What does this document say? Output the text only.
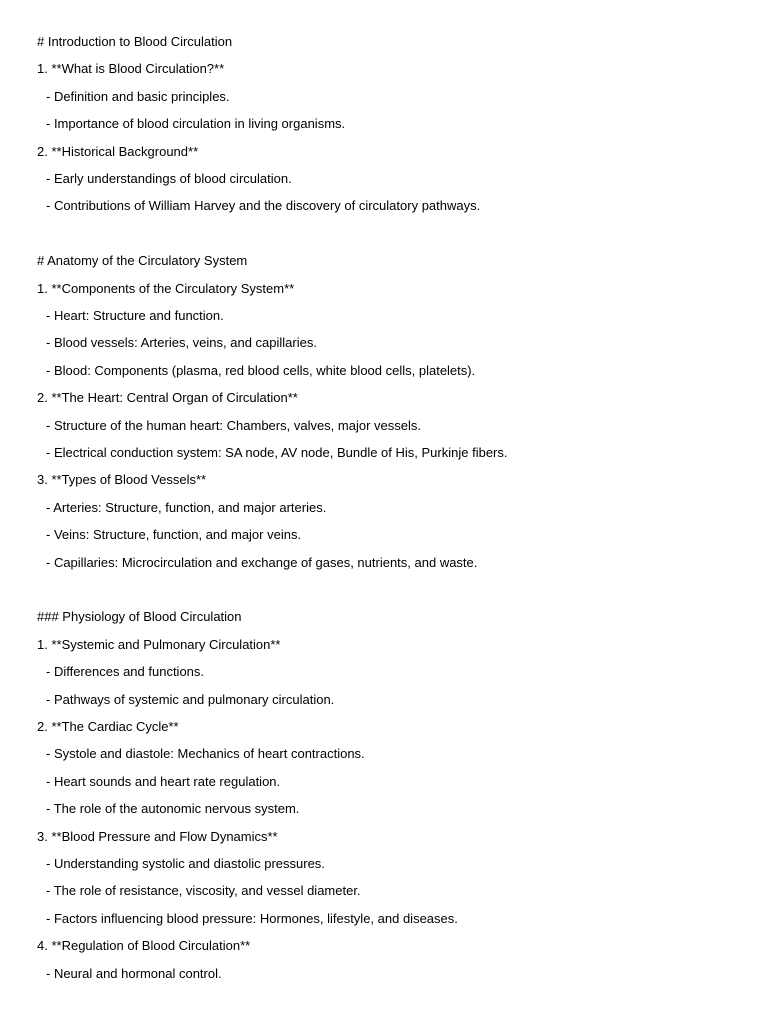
# Introduction to Blood Circulation
1. **What is Blood Circulation?**
- Definition and basic principles.
- Importance of blood circulation in living organisms.
2. **Historical Background**
- Early understandings of blood circulation.
- Contributions of William Harvey and the discovery of circulatory pathways.
# Anatomy of the Circulatory System
1. **Components of the Circulatory System**
- Heart: Structure and function.
- Blood vessels: Arteries, veins, and capillaries.
- Blood: Components (plasma, red blood cells, white blood cells, platelets).
2. **The Heart: Central Organ of Circulation**
- Structure of the human heart: Chambers, valves, major vessels.
- Electrical conduction system: SA node, AV node, Bundle of His, Purkinje fibers.
3. **Types of Blood Vessels**
- Arteries: Structure, function, and major arteries.
- Veins: Structure, function, and major veins.
- Capillaries: Microcirculation and exchange of gases, nutrients, and waste.
### Physiology of Blood Circulation
1. **Systemic and Pulmonary Circulation**
- Differences and functions.
- Pathways of systemic and pulmonary circulation.
2. **The Cardiac Cycle**
- Systole and diastole: Mechanics of heart contractions.
- Heart sounds and heart rate regulation.
- The role of the autonomic nervous system.
3. **Blood Pressure and Flow Dynamics**
- Understanding systolic and diastolic pressures.
- The role of resistance, viscosity, and vessel diameter.
- Factors influencing blood pressure: Hormones, lifestyle, and diseases.
4. **Regulation of Blood Circulation**
- Neural and hormonal control.
